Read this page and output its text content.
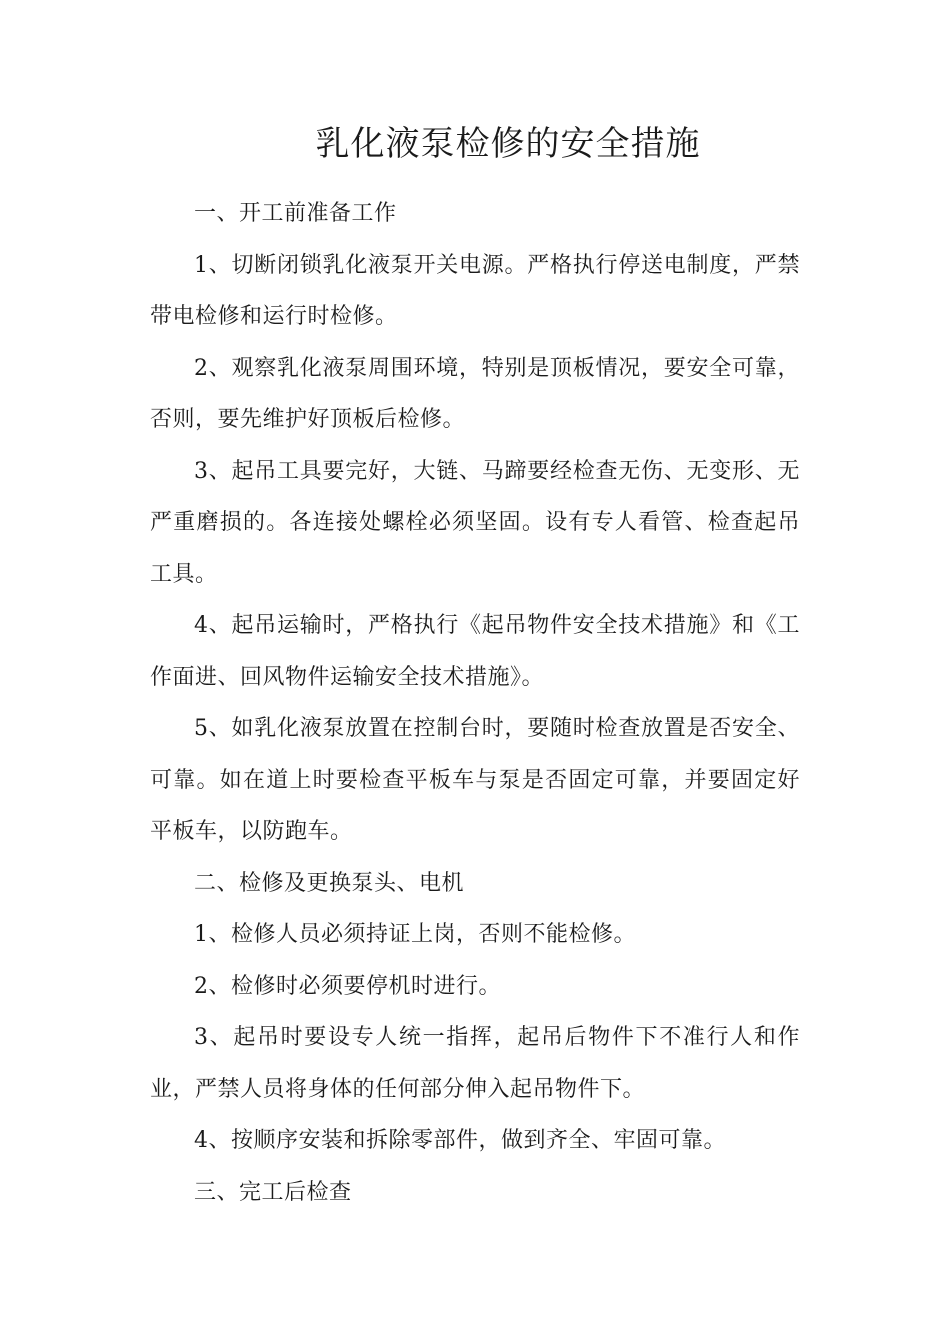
乳化液泵检修的安全措施

一、开工前准备工作

1、切断闭锁乳化液泵开关电源。严格执行停送电制度，严禁带电检修和运行时检修。

2、观察乳化液泵周围环境，特别是顶板情况，要安全可靠，否则，要先维护好顶板后检修。

3、起吊工具要完好，大链、马蹄要经检查无伤、无变形、无严重磨损的。各连接处螺栓必须坚固。设有专人看管、检查起吊工具。

4、起吊运输时，严格执行《起吊物件安全技术措施》和《工作面进、回风物件运输安全技术措施》。

5、如乳化液泵放置在控制台时，要随时检查放置是否安全、可靠。如在道上时要检查平板车与泵是否固定可靠，并要固定好平板车，以防跑车。

二、检修及更换泵头、电机

1、检修人员必须持证上岗，否则不能检修。

2、检修时必须要停机时进行。

3、起吊时要设专人统一指挥，起吊后物件下不准行人和作业，严禁人员将身体的任何部分伸入起吊物件下。

4、按顺序安装和拆除零部件，做到齐全、牢固可靠。

三、完工后检查
